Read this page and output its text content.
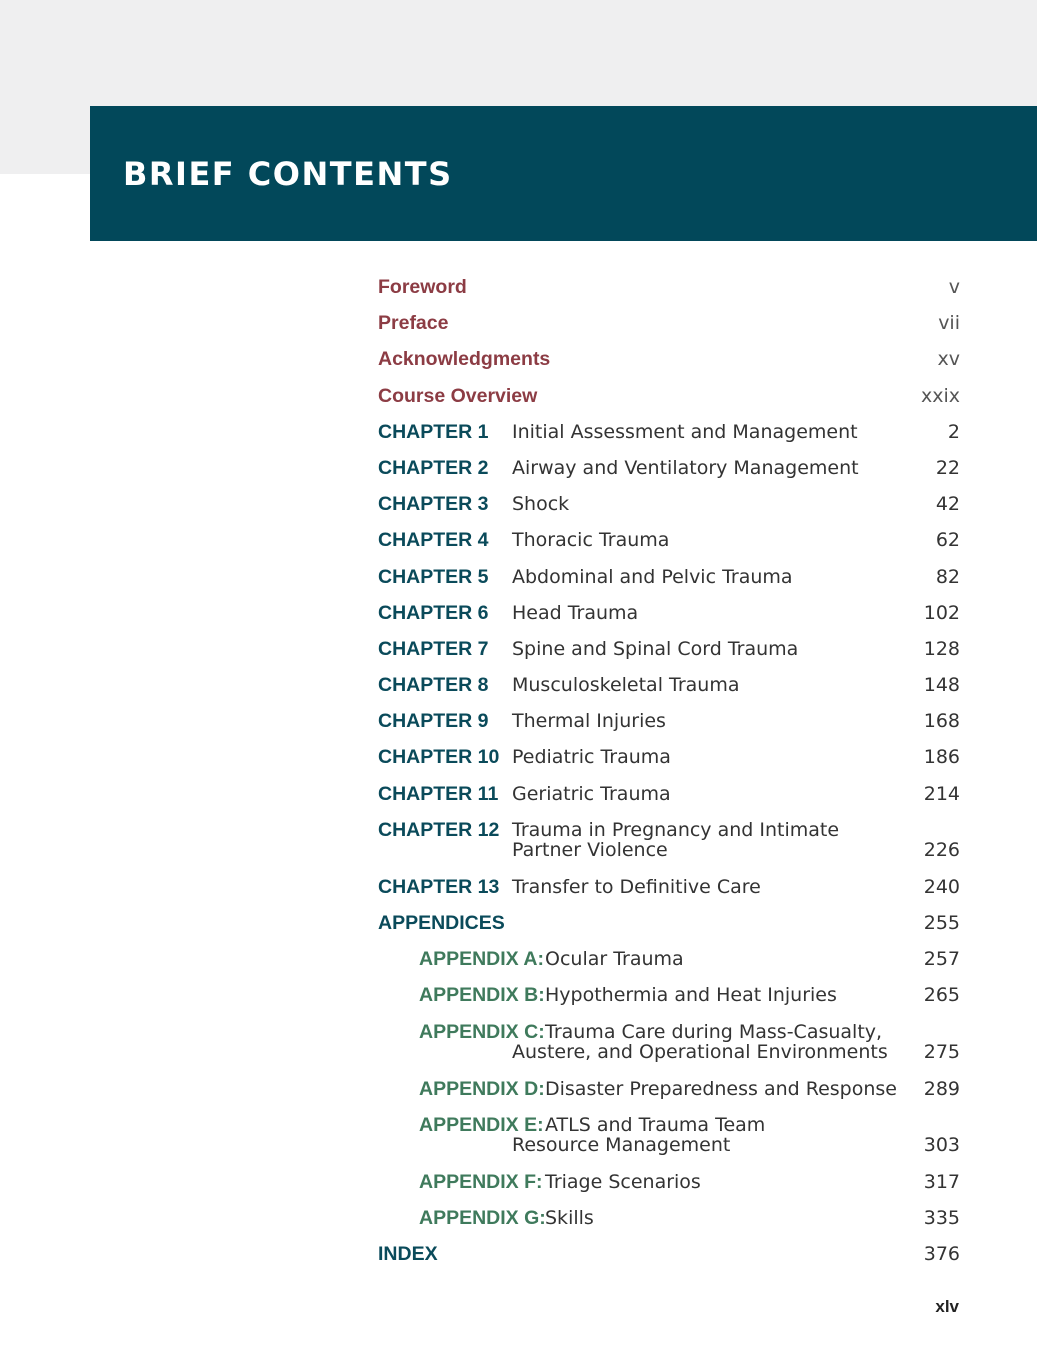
BRIEF CONTENTS
Foreword	v
Preface	vii
Acknowledgments	xv
Course Overview	xxix
CHAPTER 1 Initial Assessment and Management	2
CHAPTER 2 Airway and Ventilatory Management	22
CHAPTER 3 Shock	42
CHAPTER 4 Thoracic Trauma	62
CHAPTER 5 Abdominal and Pelvic Trauma	82
CHAPTER 6 Head Trauma	102
CHAPTER 7 Spine and Spinal Cord Trauma	128
CHAPTER 8 Musculoskeletal Trauma	148
CHAPTER 9 Thermal Injuries	168
CHAPTER 10 Pediatric Trauma	186
CHAPTER 11 Geriatric Trauma	214
CHAPTER 12 Trauma in Pregnancy and Intimate
Partner Violence	226
CHAPTER 13 Transfer to Definitive Care	240
APPENDICES	255
APPENDIX A: Ocular Trauma	257
APPENDIX B: Hypothermia and Heat Injuries	265
APPENDIX C: Trauma Care during Mass-Casualty,
Austere, and Operational Environments 275
APPENDIX D: Disaster Preparedness and Response 289
APPENDIX E: ATLS and Trauma Team
Resource Management	303
APPENDIX F: Triage Scenarios	317
APPENDIX G: Skills	335
INDEX	376
xlv
